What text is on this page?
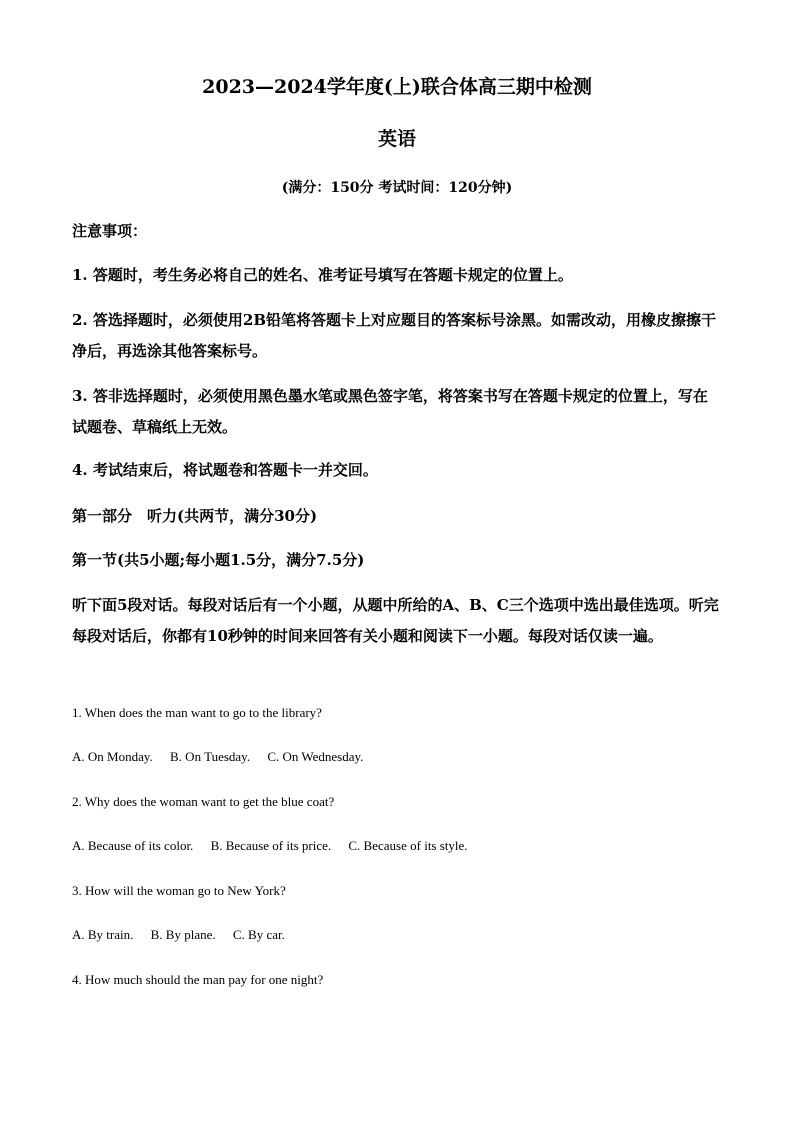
2023—2024学年度(上)联合体高三期中检测
英语
(满分：150分 考试时间：120分钟)
注意事项：
1. 答题时，考生务必将自己的姓名、准考证号填写在答题卡规定的位置上。
2. 答选择题时，必须使用2B铅笔将答题卡上对应题目的答案标号涂黑。如需改动，用橡皮擦擦干净后，再选涂其他答案标号。
3. 答非选择题时，必须使用黑色墨水笔或黑色签字笔，将答案书写在答题卡规定的位置上，写在试题卷、草稿纸上无效。
4. 考试结束后，将试题卷和答题卡一并交回。
第一部分　听力(共两节，满分30分)
第一节(共5小题;每小题1.5分，满分7.5分)
听下面5段对话。每段对话后有一个小题，从题中所给的A、B、C三个选项中选出最佳选项。听完每段对话后，你都有10秒钟的时间来回答有关小题和阅读下一小题。每段对话仅读一遍。
1. When does the man want to go to the library?
A. On Monday. B. On Tuesday. C. On Wednesday.
2. Why does the woman want to get the blue coat?
A. Because of its color. B. Because of its price. C. Because of its style.
3. How will the woman go to New York?
A. By train. B. By plane. C. By car.
4. How much should the man pay for one night?
